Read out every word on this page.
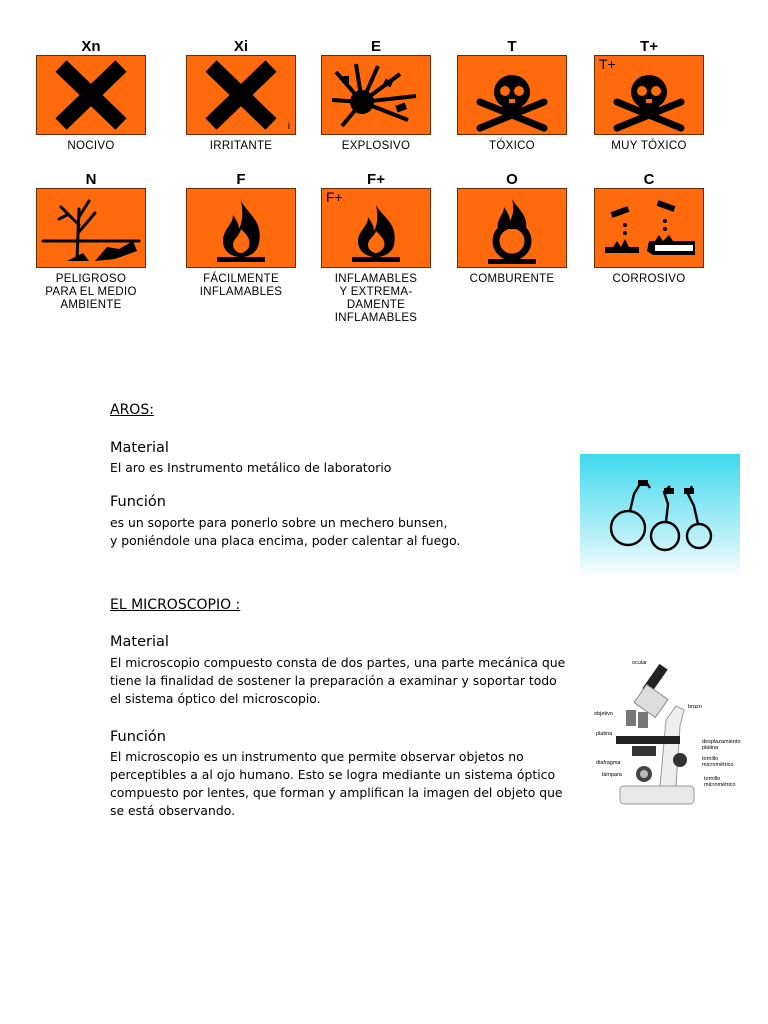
Xn
NOCIVO
Xi
i
IRRITANTE
E
EXPLOSIVO
T
TÓXICO
T+
T+
MUY TÓXICO
N
PELIGROSO
PARA EL MEDIO
AMBIENTE
F
FÁCILMENTE
INFLAMABLES
F+
F+
INFLAMABLES
Y EXTREMA-
DAMENTE
INFLAMABLES
O
COMBURENTE
C
CORROSIVO
AROS:
Material
El aro es Instrumento metálico de laboratorio
Función
es un soporte para ponerlo sobre un mechero bunsen,
y poniéndole una placa encima, poder calentar al fuego.
EL MICROSCOPIO :
Material
El microscopio compuesto consta de dos partes, una parte mecánica que
tiene la finalidad de sostener la preparación a examinar y soportar todo
el sistema óptico del microscopio.
Función
El microscopio es un instrumento que permite observar objetos no
perceptibles a al ojo humano. Esto se logra mediante un sistema óptico
compuesto por lentes, que forman y amplifican la imagen del objeto que
se está observando.
ocular
brazo
objetivo
platina
desplazamiento
platina
tornillo
micrométrico
diafragma
lámpara
tornillo
micrométrico
